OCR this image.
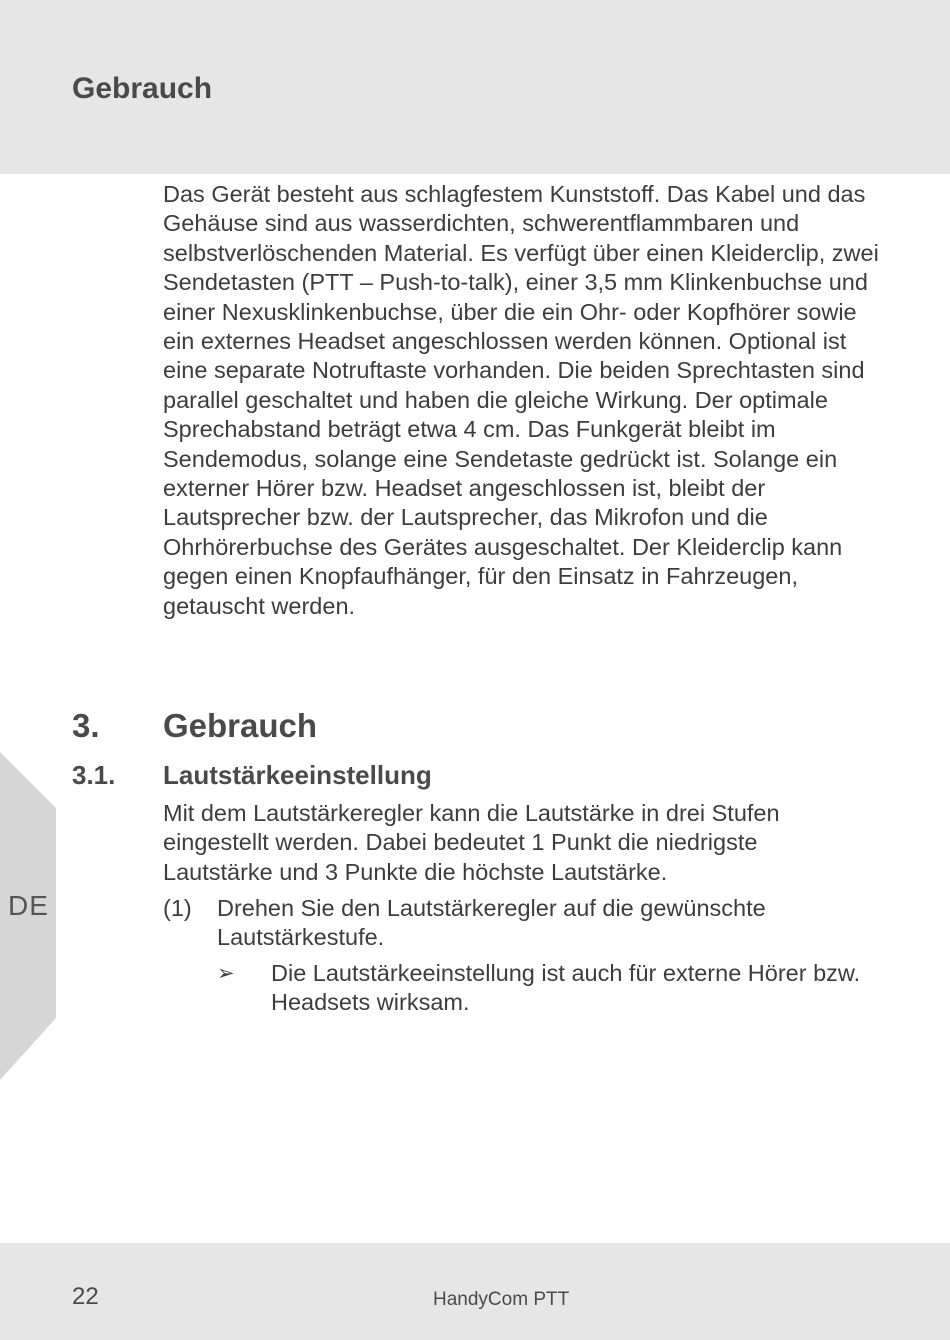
Gebrauch
DE

Das Gerät besteht aus schlagfestem Kunststoff. Das Kabel und das Gehäuse sind aus wasserdichten, schwerentflammbaren und selbstverlöschenden Material. Es verfügt über einen Kleiderclip, zwei Sendetasten (PTT – Push-to-talk), einer 3,5 mm Klinkenbuchse und einer Nexusklinkenbuchse, über die ein Ohr- oder Kopfhörer sowie ein externes Headset angeschlossen werden können. Optional ist eine separate Notruftaste vorhanden. Die beiden Sprechtasten sind parallel geschaltet und haben die gleiche Wirkung. Der optimale Sprechabstand beträgt etwa 4 cm. Das Funkgerät bleibt im Sendemodus, solange eine Sendetaste gedrückt ist. Solange ein externer Hörer bzw. Headset angeschlossen ist, bleibt der Lautsprecher bzw. der Lautsprecher, das Mikrofon und die Ohrhörerbuchse des Gerätes ausgeschaltet. Der Kleiderclip kann gegen einen Knopfaufhänger, für den Einsatz in Fahrzeugen, getauscht werden.

3. Gebrauch
3.1. Lautstärkeeinstellung

Mit dem Lautstärkeregler kann die Lautstärke in drei Stufen eingestellt werden. Dabei bedeutet 1 Punkt die niedrigste Lautstärke und 3 Punkte die höchste Lautstärke.

(1) Drehen Sie den Lautstärkeregler auf die gewünschte Lautstärkestufe.

➢ Die Lautstärkeeinstellung ist auch für externe Hörer bzw. Headsets wirksam.

22	HandyCom PTT
